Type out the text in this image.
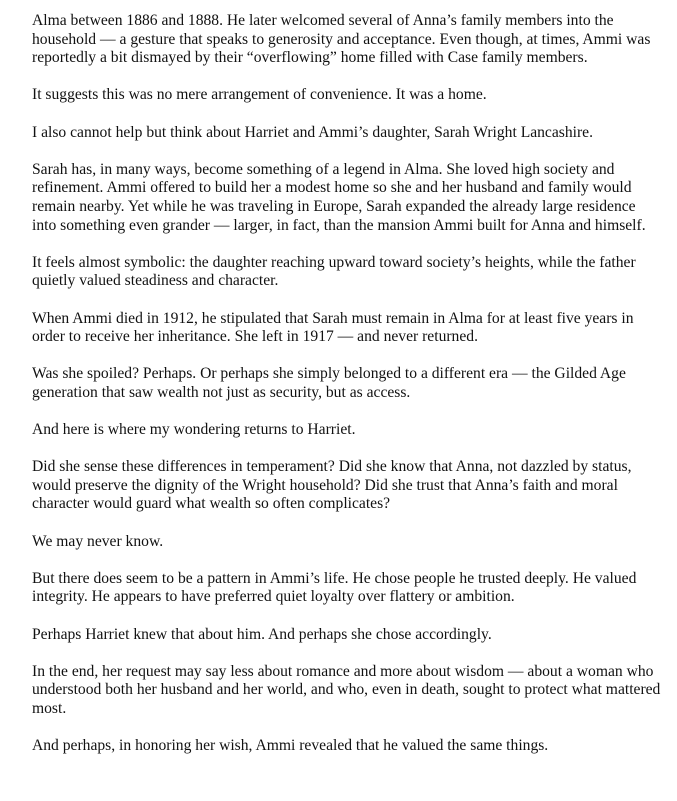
Alma between 1886 and 1888. He later welcomed several of Anna’s family members into the household — a gesture that speaks to generosity and acceptance. Even though, at times, Ammi was reportedly a bit dismayed by their “overflowing” home filled with Case family members.

It suggests this was no mere arrangement of convenience. It was a home.

I also cannot help but think about Harriet and Ammi’s daughter, Sarah Wright Lancashire.

Sarah has, in many ways, become something of a legend in Alma. She loved high society and refinement. Ammi offered to build her a modest home so she and her husband and family would remain nearby. Yet while he was traveling in Europe, Sarah expanded the already large residence into something even grander — larger, in fact, than the mansion Ammi built for Anna and himself.

It feels almost symbolic: the daughter reaching upward toward society’s heights, while the father quietly valued steadiness and character.

When Ammi died in 1912, he stipulated that Sarah must remain in Alma for at least five years in order to receive her inheritance. She left in 1917 — and never returned.

Was she spoiled? Perhaps. Or perhaps she simply belonged to a different era — the Gilded Age generation that saw wealth not just as security, but as access.

And here is where my wondering returns to Harriet.

Did she sense these differences in temperament? Did she know that Anna, not dazzled by status, would preserve the dignity of the Wright household? Did she trust that Anna’s faith and moral character would guard what wealth so often complicates?

We may never know.

But there does seem to be a pattern in Ammi’s life. He chose people he trusted deeply. He valued integrity. He appears to have preferred quiet loyalty over flattery or ambition.

Perhaps Harriet knew that about him. And perhaps she chose accordingly.

In the end, her request may say less about romance and more about wisdom — about a woman who understood both her husband and her world, and who, even in death, sought to protect what mattered most.

And perhaps, in honoring her wish, Ammi revealed that he valued the same things.
